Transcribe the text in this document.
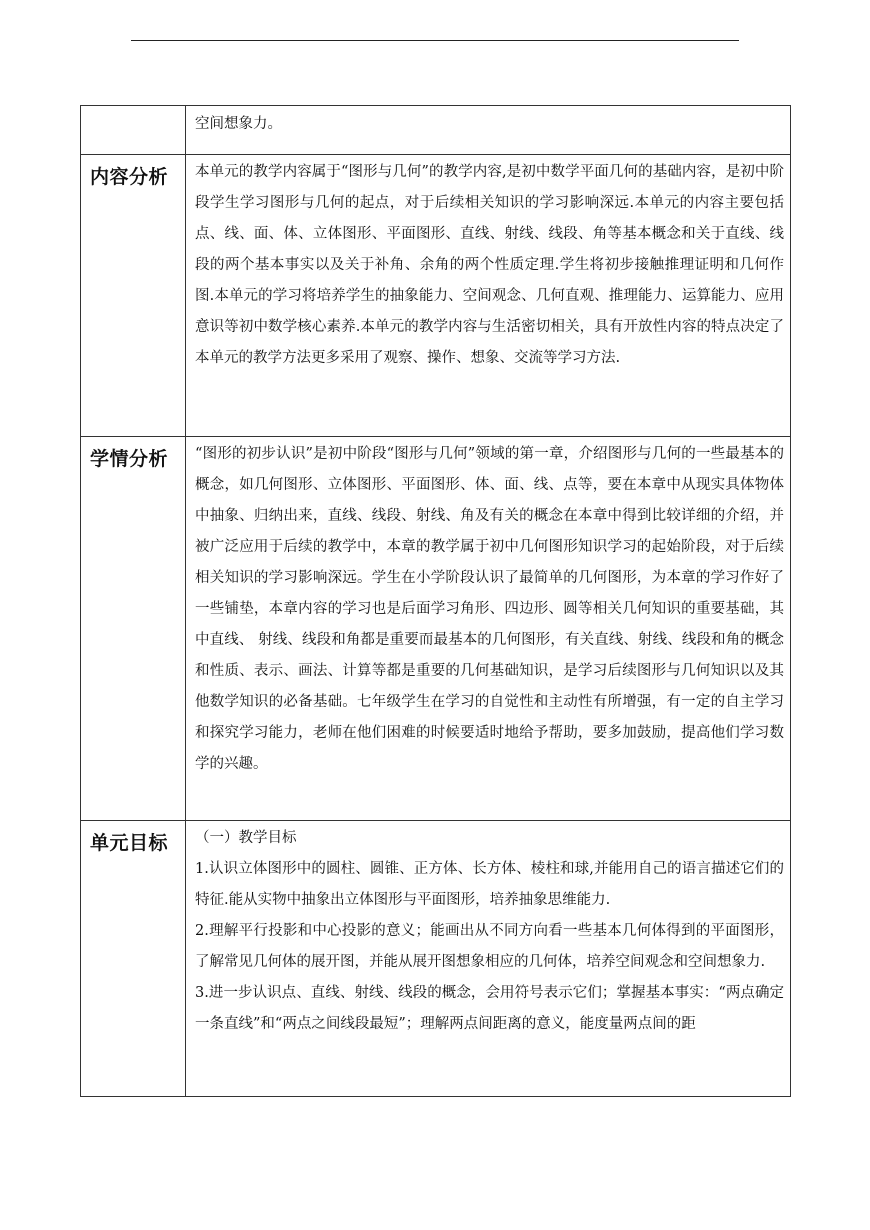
	空间想象力。

内容分析	本单元的教学内容属于“图形与几何”的教学内容,是初中数学平面几何的基础内容，是初中阶段学生学习图形与几何的起点，对于后续相关知识的学习影响深远.本单元的内容主要包括点、线、面、体、立体图形、平面图形、直线、射线、线段、角等基本概念和关于直线、线段的两个基本事实以及关于补角、余角的两个性质定理.学生将初步接触推理证明和几何作图.本单元的学习将培养学生的抽象能力、空间观念、几何直观、推理能力、运算能力、应用意识等初中数学核心素养.本单元的教学内容与生活密切相关，具有开放性内容的特点决定了本单元的教学方法更多采用了观察、操作、想象、交流等学习方法.

学情分析	“图形的初步认识”是初中阶段“图形与几何”领域的第一章，介绍图形与几何的一些最基本的概念，如几何图形、立体图形、平面图形、体、面、线、点等，要在本章中从现实具体物体中抽象、归纳出来，直线、线段、射线、角及有关的概念在本章中得到比较详细的介绍，并被广泛应用于后续的教学中，本章的教学属于初中几何图形知识学习的起始阶段，对于后续相关知识的学习影响深远。学生在小学阶段认识了最简单的几何图形，为本章的学习作好了一些铺垫，本章内容的学习也是后面学习角形、四边形、圆等相关几何知识的重要基础，其中直线、 射线、线段和角都是重要而最基本的几何图形，有关直线、射线、线段和角的概念和性质、表示、画法、计算等都是重要的几何基础知识，是学习后续图形与几何知识以及其他数学知识的必备基础。七年级学生在学习的自觉性和主动性有所增强，有一定的自主学习和探究学习能力，老师在他们困难的时候要适时地给予帮助，要多加鼓励，提高他们学习数学的兴趣。

单元目标	（一）教学目标

1.认识立体图形中的圆柱、圆锥、正方体、长方体、棱柱和球,并能用自己的语言描述它们的特征.能从实物中抽象出立体图形与平面图形，培养抽象思维能力.

2.理解平行投影和中心投影的意义；能画出从不同方向看一些基本几何体得到的平面图形，了解常见几何体的展开图，并能从展开图想象相应的几何体，培养空间观念和空间想象力.

3.进一步认识点、直线、射线、线段的概念，会用符号表示它们；掌握基本事实：“两点确定一条直线”和“两点之间线段最短”；理解两点间距离的意义，能度量两点间的距
